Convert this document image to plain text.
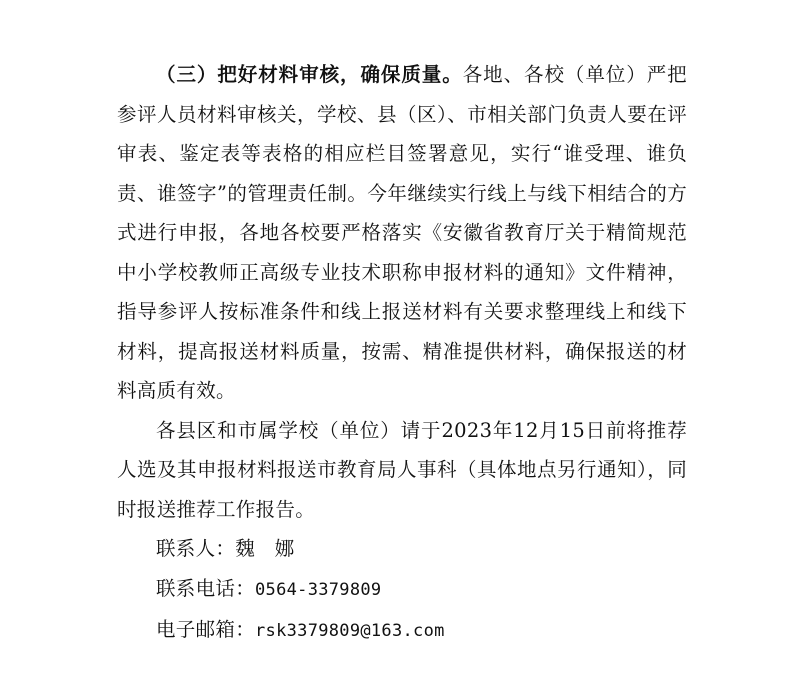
（三）把好材料审核，确保质量。各地、各校（单位）严把参评人员材料审核关，学校、县（区）、市相关部门负责人要在评审表、鉴定表等表格的相应栏目签署意见，实行“谁受理、谁负责、谁签字”的管理责任制。今年继续实行线上与线下相结合的方式进行申报，各地各校要严格落实《安徽省教育厅关于精简规范中小学校教师正高级专业技术职称申报材料的通知》文件精神，指导参评人按标准条件和线上报送材料有关要求整理线上和线下材料，提高报送材料质量，按需、精准提供材料，确保报送的材料高质有效。

各县区和市属学校（单位）请于2023年12月15日前将推荐人选及其申报材料报送市教育局人事科（具体地点另行通知），同时报送推荐工作报告。

联系人：魏　娜

联系电话：0564-3379809

电子邮箱：rsk3379809@163.com
